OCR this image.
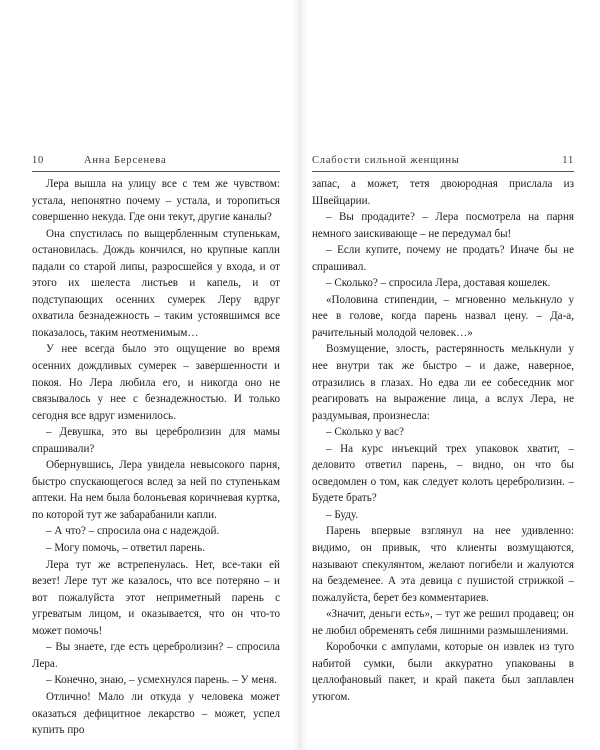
10	Анна Берсенева

Лера вышла на улицу все с тем же чувством: устала, непонятно почему – устала, и торопиться совершенно некуда. Где они текут, другие каналы?

Она спустилась по выщербленным ступенькам, остановилась. Дождь кончился, но крупные капли падали со старой липы, разросшейся у входа, и от этого их шелеста листьев и капель, и от подступающих осенних сумерек Леру вдруг охватила безнадежность – таким устоявшимся все показалось, таким неотменимым…

У нее всегда было это ощущение во время осенних дождливых сумерек – завершенности и покоя. Но Лера любила его, и никогда оно не связывалось у нее с безнадежностью. И только сегодня все вдруг изменилось.

– Девушка, это вы церебролизин для мамы спрашивали?

Обернувшись, Лера увидела невысокого парня, быстро спускающегося вслед за ней по ступенькам аптеки. На нем была болоньевая коричневая куртка, по которой тут же забарабанили капли.

– А что? – спросила она с надеждой.

– Могу помочь, – ответил парень.

Лера тут же встрепенулась. Нет, все-таки ей везет! Лере тут же казалось, что все потеряно – и вот пожалуйста этот неприметный парень с угреватым лицом, и оказывается, что он что-то может помочь!

– Вы знаете, где есть церебролизин? – спросила Лера.

– Конечно, знаю, – усмехнулся парень. – У меня.

Отлично! Мало ли откуда у человека может оказаться дефицитное лекарство – может, успел купить про

Слабости сильной женщины	11

запас, а может, тетя двоюродная прислала из Швейцарии.

– Вы продадите? – Лера посмотрела на парня немного заискивающе – не передумал бы!

– Если купите, почему не продать? Иначе бы не спрашивал.

– Сколько? – спросила Лера, доставая кошелек.

«Половина стипендии, – мгновенно мелькнуло у нее в голове, когда парень назвал цену. – Да-а, рачительный молодой человек…»

Возмущение, злость, растерянность мелькнули у нее внутри так же быстро – и даже, наверное, отразились в глазах. Но едва ли ее собеседник мог реагировать на выражение лица, а вслух Лера, не раздумывая, произнесла:

– Сколько у вас?

– На курс инъекций трех упаковок хватит, – деловито ответил парень, – видно, он что бы осведомлен о том, как следует колоть церебролизин. – Будете брать?

– Буду.

Парень впервые взглянул на нее удивленно: видимо, он привык, что клиенты возмущаются, называют спекулянтом, желают погибели и жалуются на бездеменее. А эта девица с пушистой стрижкой – пожалуйста, берет без комментариев.

«Значит, деньги есть», – тут же решил продавец; он не любил обременять себя лишними размышлениями.

Коробочки с ампулами, которые он извлек из туго набитой сумки, были аккуратно упакованы в целлофановый пакет, и край пакета был заплавлен утюгом.
